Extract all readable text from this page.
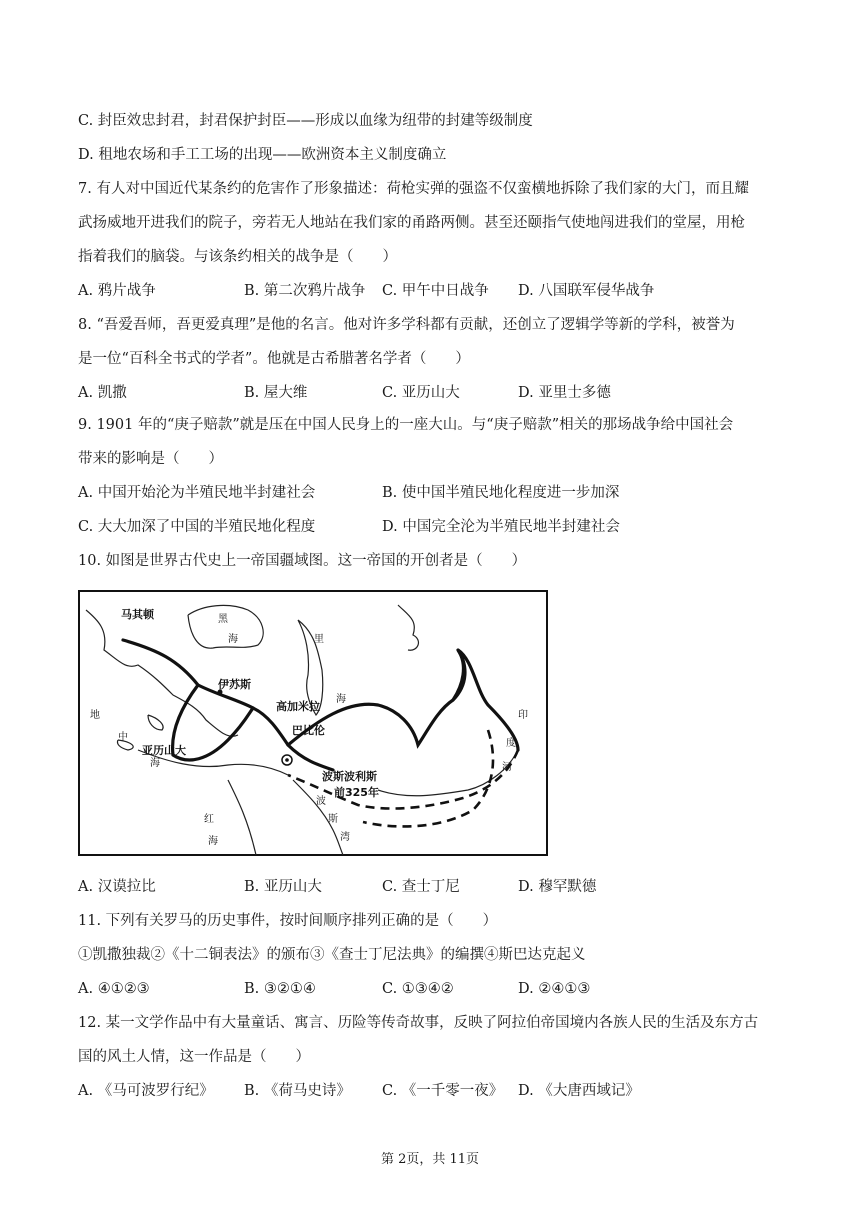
C. 封臣效忠封君，封君保护封臣——形成以血缘为纽带的封建等级制度
D. 租地农场和手工工场的出现——欧洲资本主义制度确立
7. 有人对中国近代某条约的危害作了形象描述：荷枪实弹的强盗不仅蛮横地拆除了我们家的大门，而且耀
武扬威地开进我们的院子，旁若无人地站在我们家的甬路两侧。甚至还颐指气使地闯进我们的堂屋，用枪
指着我们的脑袋。与该条约相关的战争是（　　）
A. 鸦片战争	B. 第二次鸦片战争 C. 甲午中日战争 D. 八国联军侵华战争
8. “吾爱吾师，吾更爱真理”是他的名言。他对许多学科都有贡献，还创立了逻辑学等新的学科，被誉为
是一位“百科全书式的学者”。他就是古希腊著名学者（　　）
A. 凯撒	B. 屋大维	C. 亚历山大	D. 亚里士多德
9. 1901 年的“庚子赔款”就是压在中国人民身上的一座大山。与“庚子赔款”相关的那场战争给中国社会
带来的影响是（　　）
A. 中国开始沦为半殖民地半封建社会	B. 使中国半殖民地化程度进一步加深
C. 大大加深了中国的半殖民地化程度	D. 中国完全沦为半殖民地半封建社会
10. 如图是世界古代史上一帝国疆域图。这一帝国的开创者是（　　）
马其顿	黑
海	里
海
地
中
海
伊苏斯
高加米拉
巴比伦
亚历山大
波斯波利斯
前325年
印
度
河
波
斯
湾
红
海
A. 汉谟拉比	B. 亚历山大	C. 查士丁尼	D. 穆罕默德
11. 下列有关罗马的历史事件，按时间顺序排列正确的是（　　）
①凯撒独裁②《十二铜表法》的颁布③《查士丁尼法典》的编撰④斯巴达克起义
A. ④①②③	B. ③②①④	C. ①③④②	D. ②④①③
12. 某一文学作品中有大量童话、寓言、历险等传奇故事，反映了阿拉伯帝国境内各族人民的生活及东方古
国的风土人情，这一作品是（　　）
A. 《马可波罗行纪》 B. 《荷马史诗》 C. 《一千零一夜》 D. 《大唐西域记》
第 2页，共 11页
